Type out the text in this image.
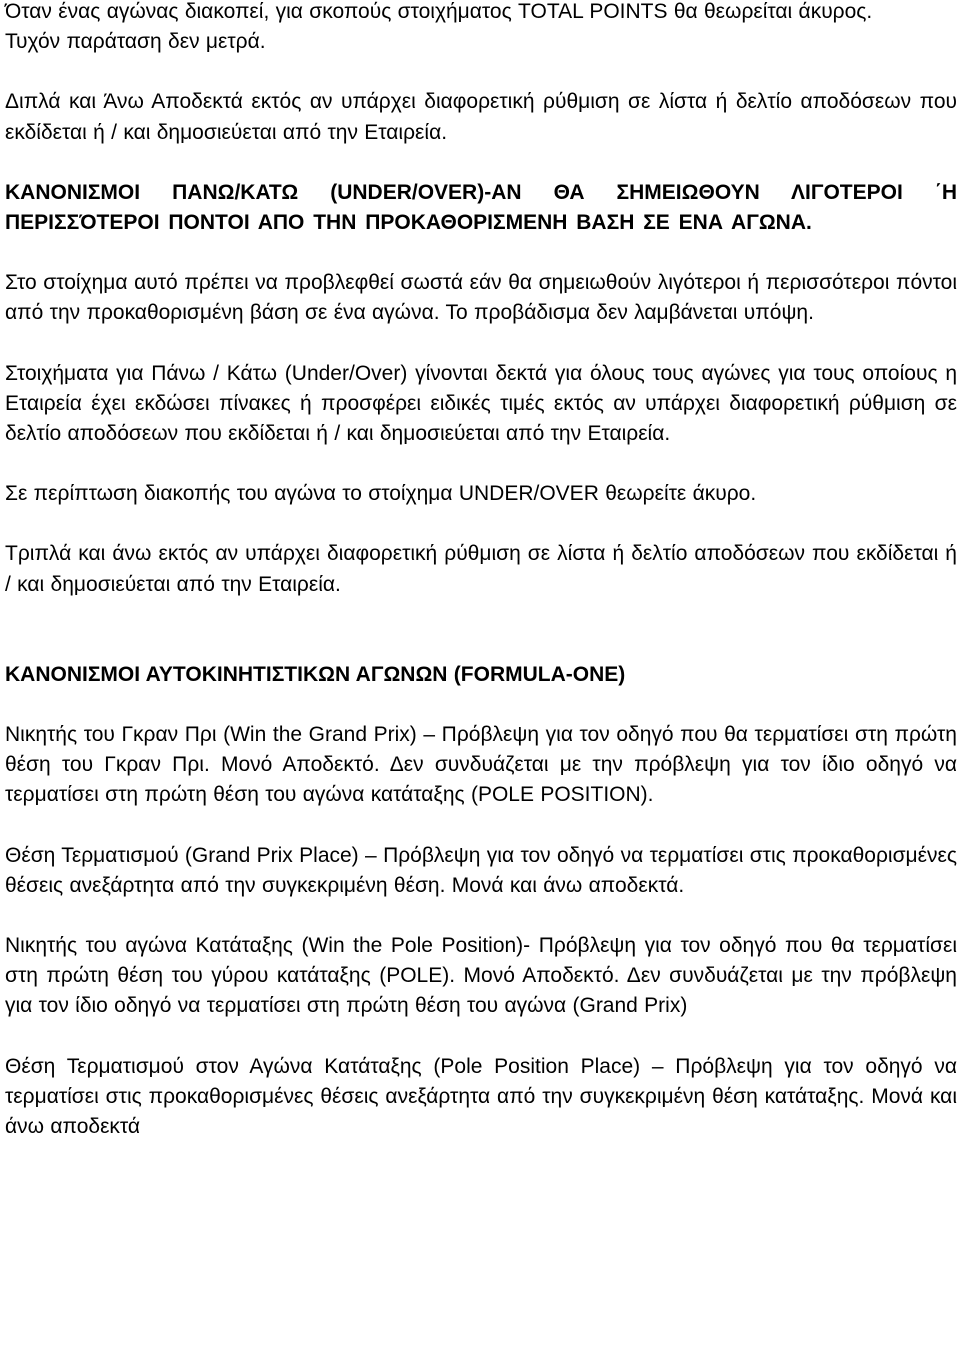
Όταν ένας αγώνας διακοπεί, για σκοπούς στοιχήματος TOTAL POINTS θα θεωρείται άκυρος.

Τυχόν παράταση δεν μετρά.

Διπλά και Άνω Αποδεκτά εκτός αν υπάρχει διαφορετική ρύθμιση σε λίστα ή δελτίο αποδόσεων που εκδίδεται ή / και δημοσιεύεται από την Εταιρεία.

ΚΑΝΟΝΙΣΜΟΙ ΠΑΝΩ/ΚΑΤΩ (UNDER/OVER)-ΑΝ ΘΑ ΣΗΜΕΙΩΘΟΥΝ ΛΙΓΟΤΕΡΟΙ ΄Η ΠΕΡΙΣΣΌΤΕΡΟΙ ΠΟΝΤΟΙ ΑΠΟ ΤΗΝ ΠΡΟΚΑΘΟΡΙΣΜΕΝΗ ΒΑΣΗ ΣΕ ΕΝΑ ΑΓΩΝΑ.

Στο στοίχημα αυτό πρέπει να προβλεφθεί σωστά εάν θα σημειωθούν λιγότεροι ή περισσότεροι πόντοι από την προκαθορισμένη βάση σε ένα αγώνα. Το προβάδισμα δεν λαμβάνεται υπόψη.

Στοιχήματα για Πάνω / Κάτω (Under/Over) γίνονται δεκτά για όλους τους αγώνες για τους οποίους η Εταιρεία έχει εκδώσει πίνακες ή προσφέρει ειδικές τιμές εκτός αν υπάρχει διαφορετική ρύθμιση σε δελτίο αποδόσεων που εκδίδεται ή / και δημοσιεύεται από την Εταιρεία.

Σε περίπτωση διακοπής του αγώνα το στοίχημα UNDER/OVER θεωρείτε άκυρο.

Τριπλά και άνω εκτός αν υπάρχει διαφορετική ρύθμιση σε λίστα ή δελτίο αποδόσεων που εκδίδεται ή / και δημοσιεύεται από την Εταιρεία.

ΚΑΝΟΝΙΣΜΟΙ ΑΥΤΟΚΙΝΗΤΙΣΤΙΚΩΝ ΑΓΩΝΩΝ (FORMULA-ONE)

Νικητής του Γκραν Πρι (Win the Grand Prix) – Πρόβλεψη για τον οδηγό που θα τερματίσει στη πρώτη θέση του Γκραν Πρι. Μονό Αποδεκτό. Δεν συνδυάζεται με την πρόβλεψη για τον ίδιο οδηγό να τερματίσει στη πρώτη θέση του αγώνα κατάταξης (POLE POSITION).

Θέση Τερματισμού (Grand Prix Place) – Πρόβλεψη για τον οδηγό να τερματίσει στις προκαθορισμένες θέσεις ανεξάρτητα από την συγκεκριμένη θέση. Μονά και άνω αποδεκτά.

Νικητής του αγώνα Κατάταξης (Win the Pole Position)- Πρόβλεψη για τον οδηγό που θα τερματίσει στη πρώτη θέση του γύρου κατάταξης (POLE). Μονό Αποδεκτό. Δεν συνδυάζεται με την πρόβλεψη για τον ίδιο οδηγό να τερματίσει στη πρώτη θέση του αγώνα (Grand Prix)

Θέση Τερματισμού στον Αγώνα Κατάταξης (Pole Position Place) – Πρόβλεψη για τον οδηγό να τερματίσει στις προκαθορισμένες θέσεις ανεξάρτητα από την συγκεκριμένη θέση κατάταξης. Μονά και άνω αποδεκτά
